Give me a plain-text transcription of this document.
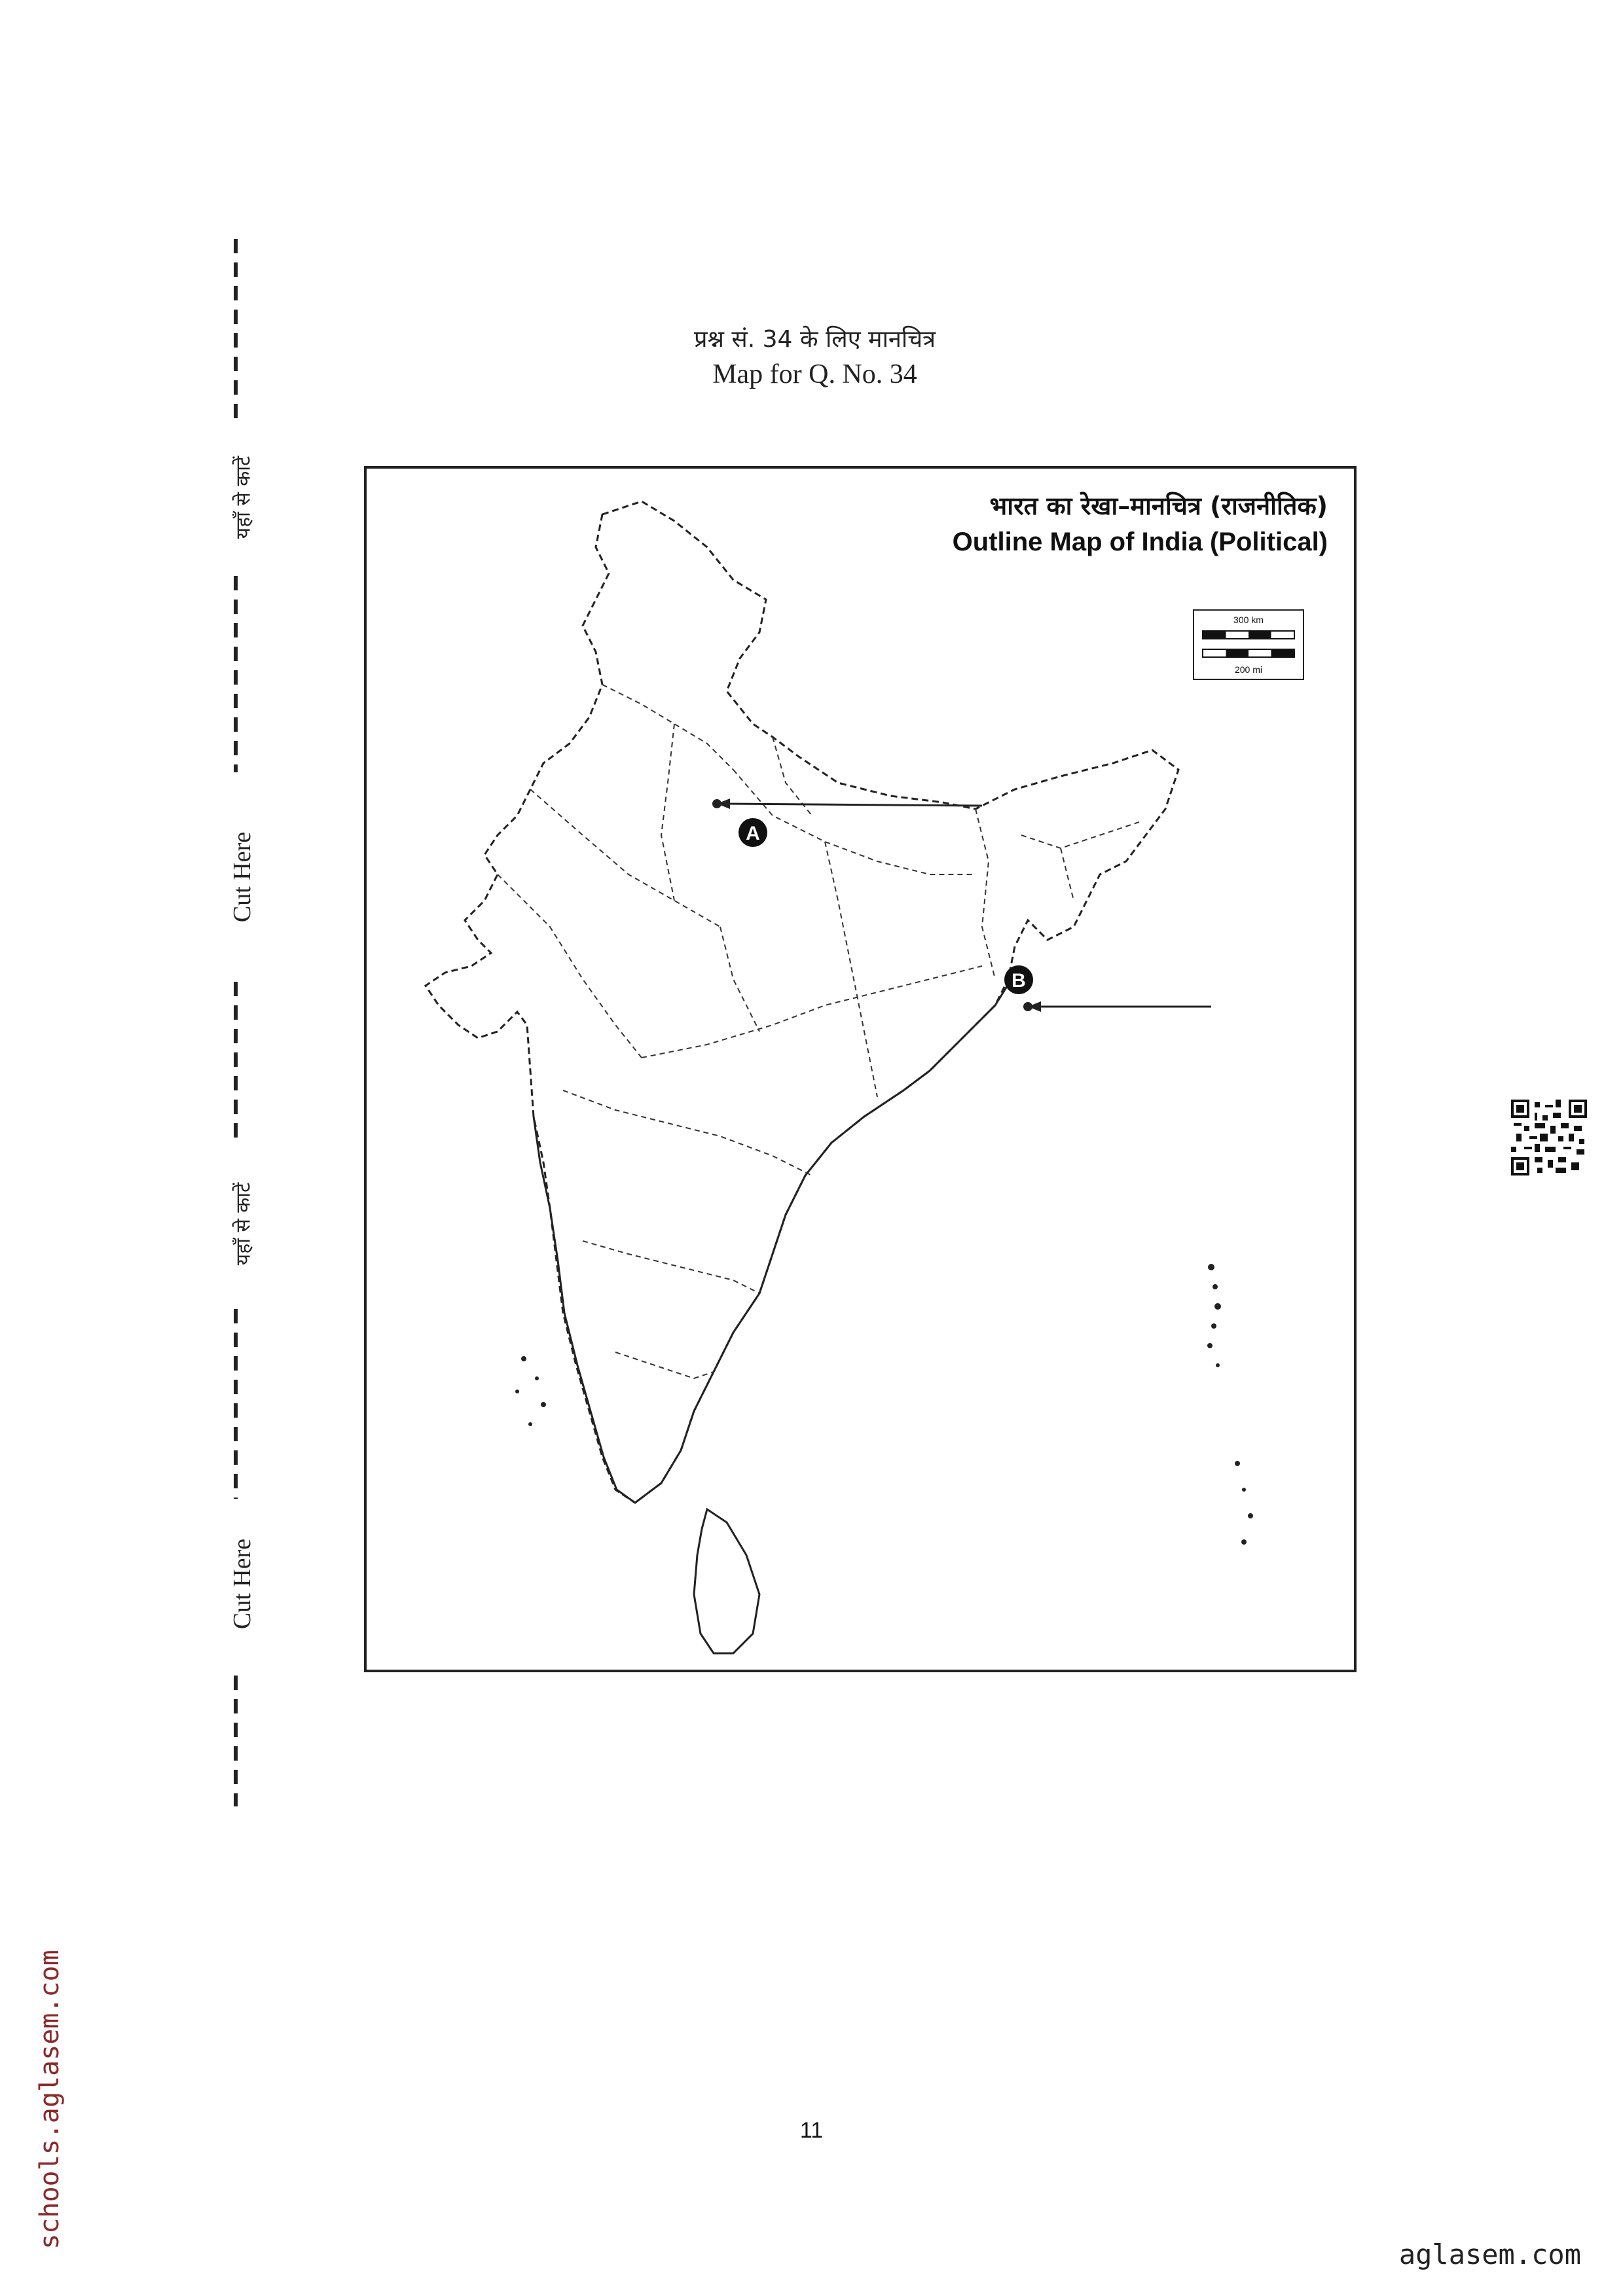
यहाँ से काटें
Cut Here
यहाँ से काटें
Cut Here
प्रश्न सं. 34 के लिए मानचित्र
Map for Q. No. 34
भारत का रेखा–मानचित्र (राजनीतिक)
Outline Map of India (Political)
300 km
200 mi
A
B
11
schools.aglasem.com
aglasem.com
